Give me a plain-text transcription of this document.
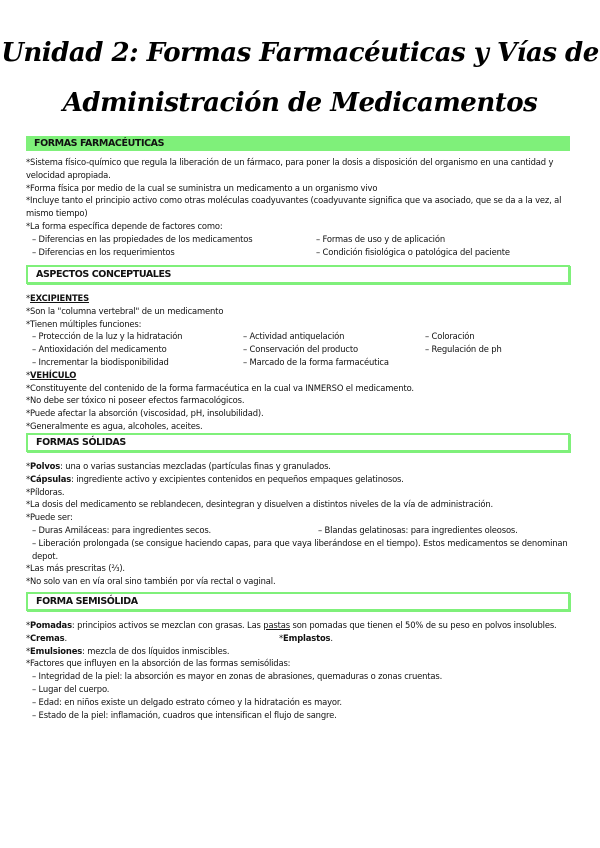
Unidad 2: Formas Farmacéuticas y Vías de
Administración de Medicamentos
FORMAS FARMACÉUTICAS

*Sistema físico-químico que regula la liberación de un fármaco, para poner la dosis a disposición del organismo en una cantidad y velocidad apropiada.

*Forma física por medio de la cual se suministra un medicamento a un organismo vivo

*Incluye tanto el principio activo como otras moléculas coadyuvantes (coadyuvante significa que va asociado, que se da a la vez, al mismo tiempo)

*La forma específica depende de factores como:

– Diferencias en las propiedades de los medicamentos	– Formas de uso y de aplicación
– Diferencias en los requerimientos	– Condición fisiológica o patológica del paciente
ASPECTOS CONCEPTUALES

*EXCIPIENTES

*Son la "columna vertebral" de un medicamento

*Tienen múltiples funciones:

– Protección de la luz y la hidratación	– Actividad antiquelación	– Coloración
– Antioxidación del medicamento	– Conservación del producto	– Regulación de ph
– Incrementar la biodisponibilidad	– Marcado de la forma farmacéutica

*VEHÍCULO

*Constituyente del contenido de la forma farmacéutica en la cual va INMERSO el medicamento.

*No debe ser tóxico ni poseer efectos farmacológicos.

*Puede afectar la absorción (viscosidad, pH, insolubilidad).

*Generalmente es agua, alcoholes, aceites.

FORMAS SÓLIDAS

*Polvos: una o varias sustancias mezcladas (partículas finas y granulados.

*Cápsulas: ingrediente activo y excipientes contenidos en pequeños empaques gelatinosos.

*Píldoras.

*La dosis del medicamento se reblandecen, desintegran y disuelven a distintos niveles de la vía de administración.

*Puede ser:

– Duras Amiláceas: para ingredientes secos.	– Blandas gelatinosas: para ingredientes oleosos.

– Liberación prolongada (se consigue haciendo capas, para que vaya liberándose en el tiempo). Estos medicamentos se denominan depot.

*Las más prescritas (⅔).

*No solo van en vía oral sino también por vía rectal o vaginal.

FORMA SEMISÓLIDA

*Pomadas: principios activos se mezclan con grasas. Las pastas son pomadas que tienen el 50% de su peso en polvos insolubles.

*Cremas.	*Emplastos.

*Emulsiones: mezcla de dos líquidos inmiscibles.

*Factores que influyen en la absorción de las formas semisólidas:

– Integridad de la piel: la absorción es mayor en zonas de abrasiones, quemaduras o zonas cruentas.

– Lugar del cuerpo.

– Edad: en niños existe un delgado estrato córneo y la hidratación es mayor.

– Estado de la piel: inflamación, cuadros que intensifican el flujo de sangre.
